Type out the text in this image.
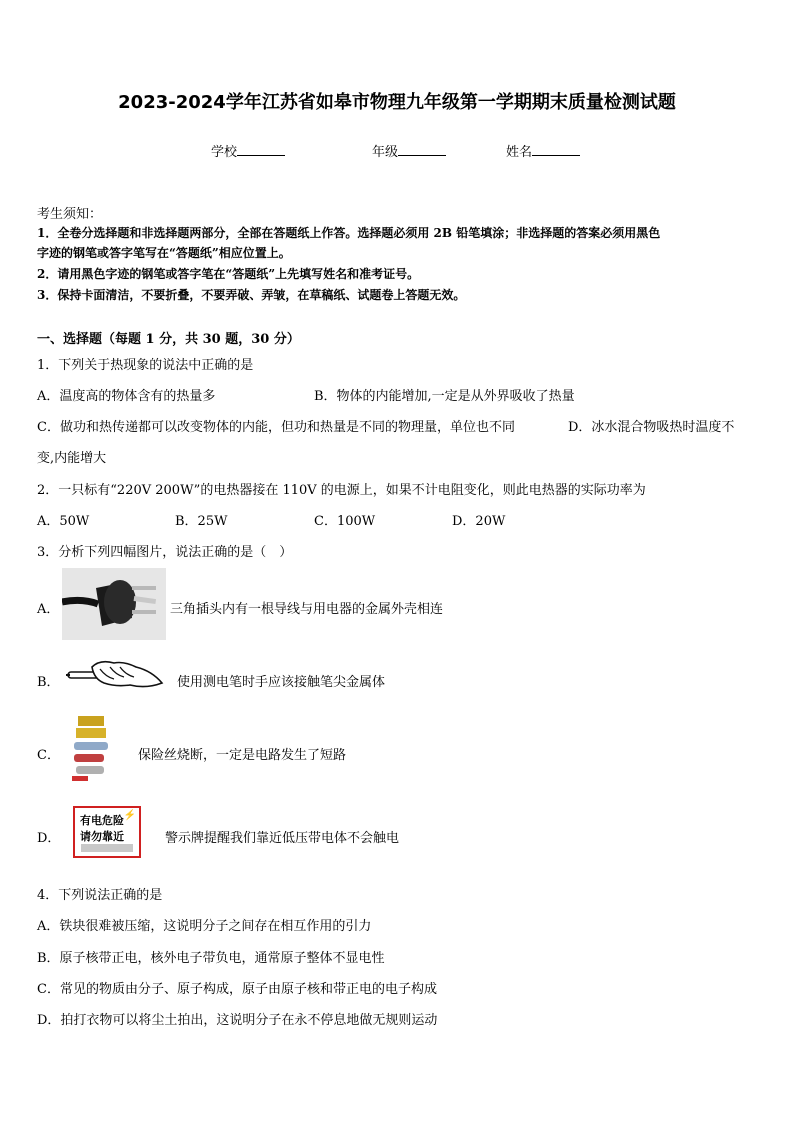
2023-2024学年江苏省如皋市物理九年级第一学期期末质量检测试题
学校	年级	姓名
考生须知：
1．全卷分选择题和非选择题两部分，全部在答题纸上作答。选择题必须用 2B 铅笔填涂；非选择题的答案必须用黑色
字迹的钢笔或答字笔写在“答题纸”相应位置上。
2．请用黑色字迹的钢笔或答字笔在“答题纸”上先填写姓名和准考证号。
3．保持卡面清洁，不要折叠，不要弄破、弄皱，在草稿纸、试题卷上答题无效。
一、选择题（每题 1 分，共 30 题，30 分）
1．下列关于热现象的说法中正确的是
A．温度高的物体含有的热量多	B．物体的内能增加,一定是从外界吸收了热量
C．做功和热传递都可以改变物体的内能，但功和热量是不同的物理量，单位也不同	D．冰水混合物吸热时温度不
变,内能增大
2．一只标有“220V 200W”的电热器接在 110V 的电源上，如果不计电阻变化，则此电热器的实际功率为
A．50W	B．25W	C．100W	D．20W
3．分析下列四幅图片，说法正确的是（　）
A．	三角插头内有一根导线与用电器的金属外壳相连
B．	使用测电笔时手应该接触笔尖金属体
C．	保险丝烧断，一定是电路发生了短路
D．
有电危险
请勿靠近
⚡
警示牌提醒我们靠近低压带电体不会触电
4．下列说法正确的是
A．铁块很难被压缩，这说明分子之间存在相互作用的引力
B．原子核带正电，核外电子带负电，通常原子整体不显电性
C．常见的物质由分子、原子构成，原子由原子核和带正电的电子构成
D．拍打衣物可以将尘土拍出，这说明分子在永不停息地做无规则运动
